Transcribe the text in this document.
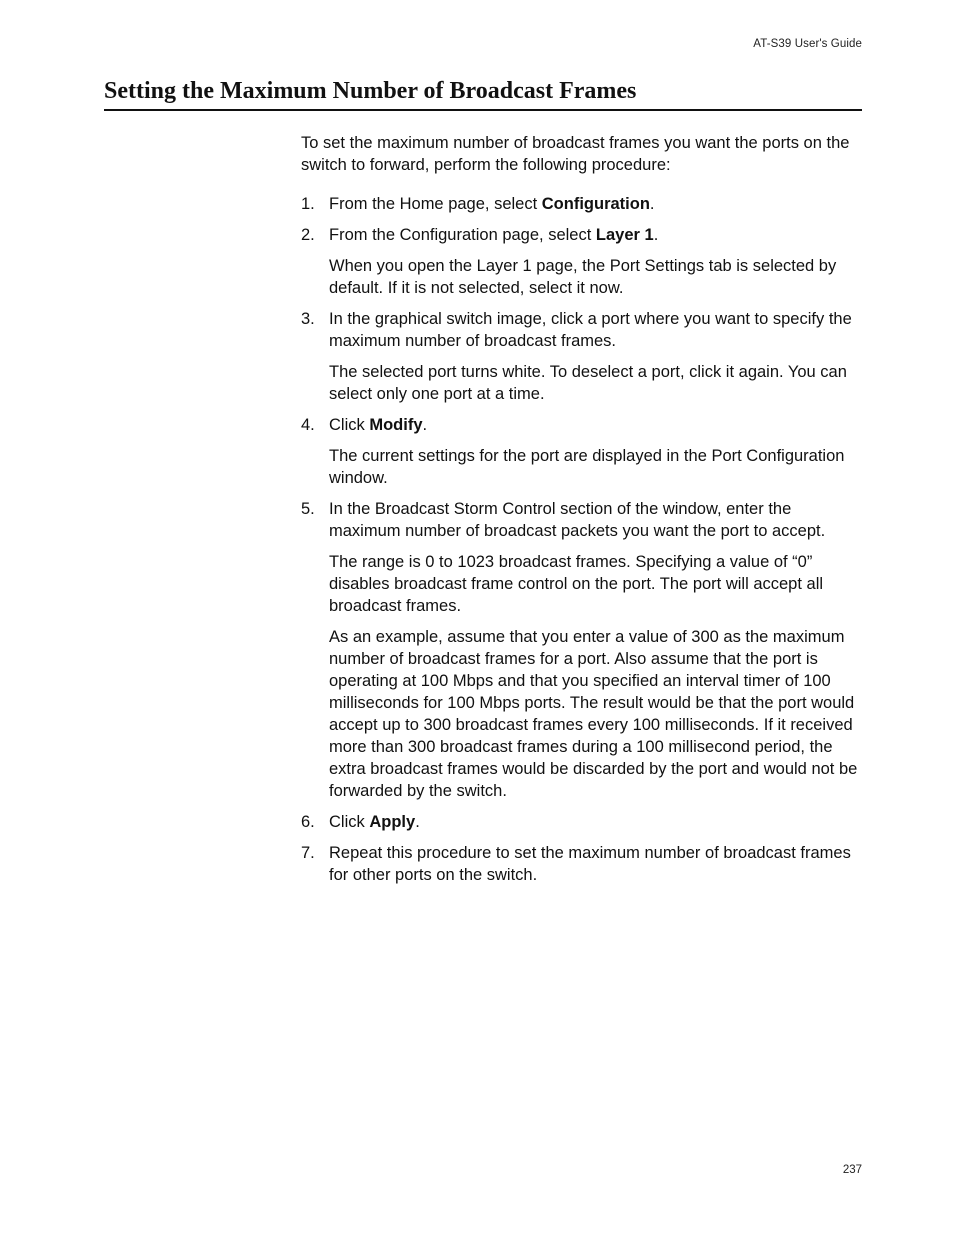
AT-S39 User's Guide
Setting the Maximum Number of Broadcast Frames

To set the maximum number of broadcast frames you want the ports on the switch to forward, perform the following procedure:

1. From the Home page, select Configuration.

2. From the Configuration page, select Layer 1.

When you open the Layer 1 page, the Port Settings tab is selected by default. If it is not selected, select it now.

3. In the graphical switch image, click a port where you want to specify the maximum number of broadcast frames.

The selected port turns white. To deselect a port, click it again. You can select only one port at a time.

4. Click Modify.

The current settings for the port are displayed in the Port Configuration window.

5. In the Broadcast Storm Control section of the window, enter the maximum number of broadcast packets you want the port to accept.

The range is 0 to 1023 broadcast frames. Specifying a value of “0” disables broadcast frame control on the port. The port will accept all broadcast frames.

As an example, assume that you enter a value of 300 as the maximum number of broadcast frames for a port. Also assume that the port is operating at 100 Mbps and that you specified an interval timer of 100 milliseconds for 100 Mbps ports. The result would be that the port would accept up to 300 broadcast frames every 100 milliseconds. If it received more than 300 broadcast frames during a 100 millisecond period, the extra broadcast frames would be discarded by the port and would not be forwarded by the switch.

6. Click Apply.

7. Repeat this procedure to set the maximum number of broadcast frames for other ports on the switch.

237
